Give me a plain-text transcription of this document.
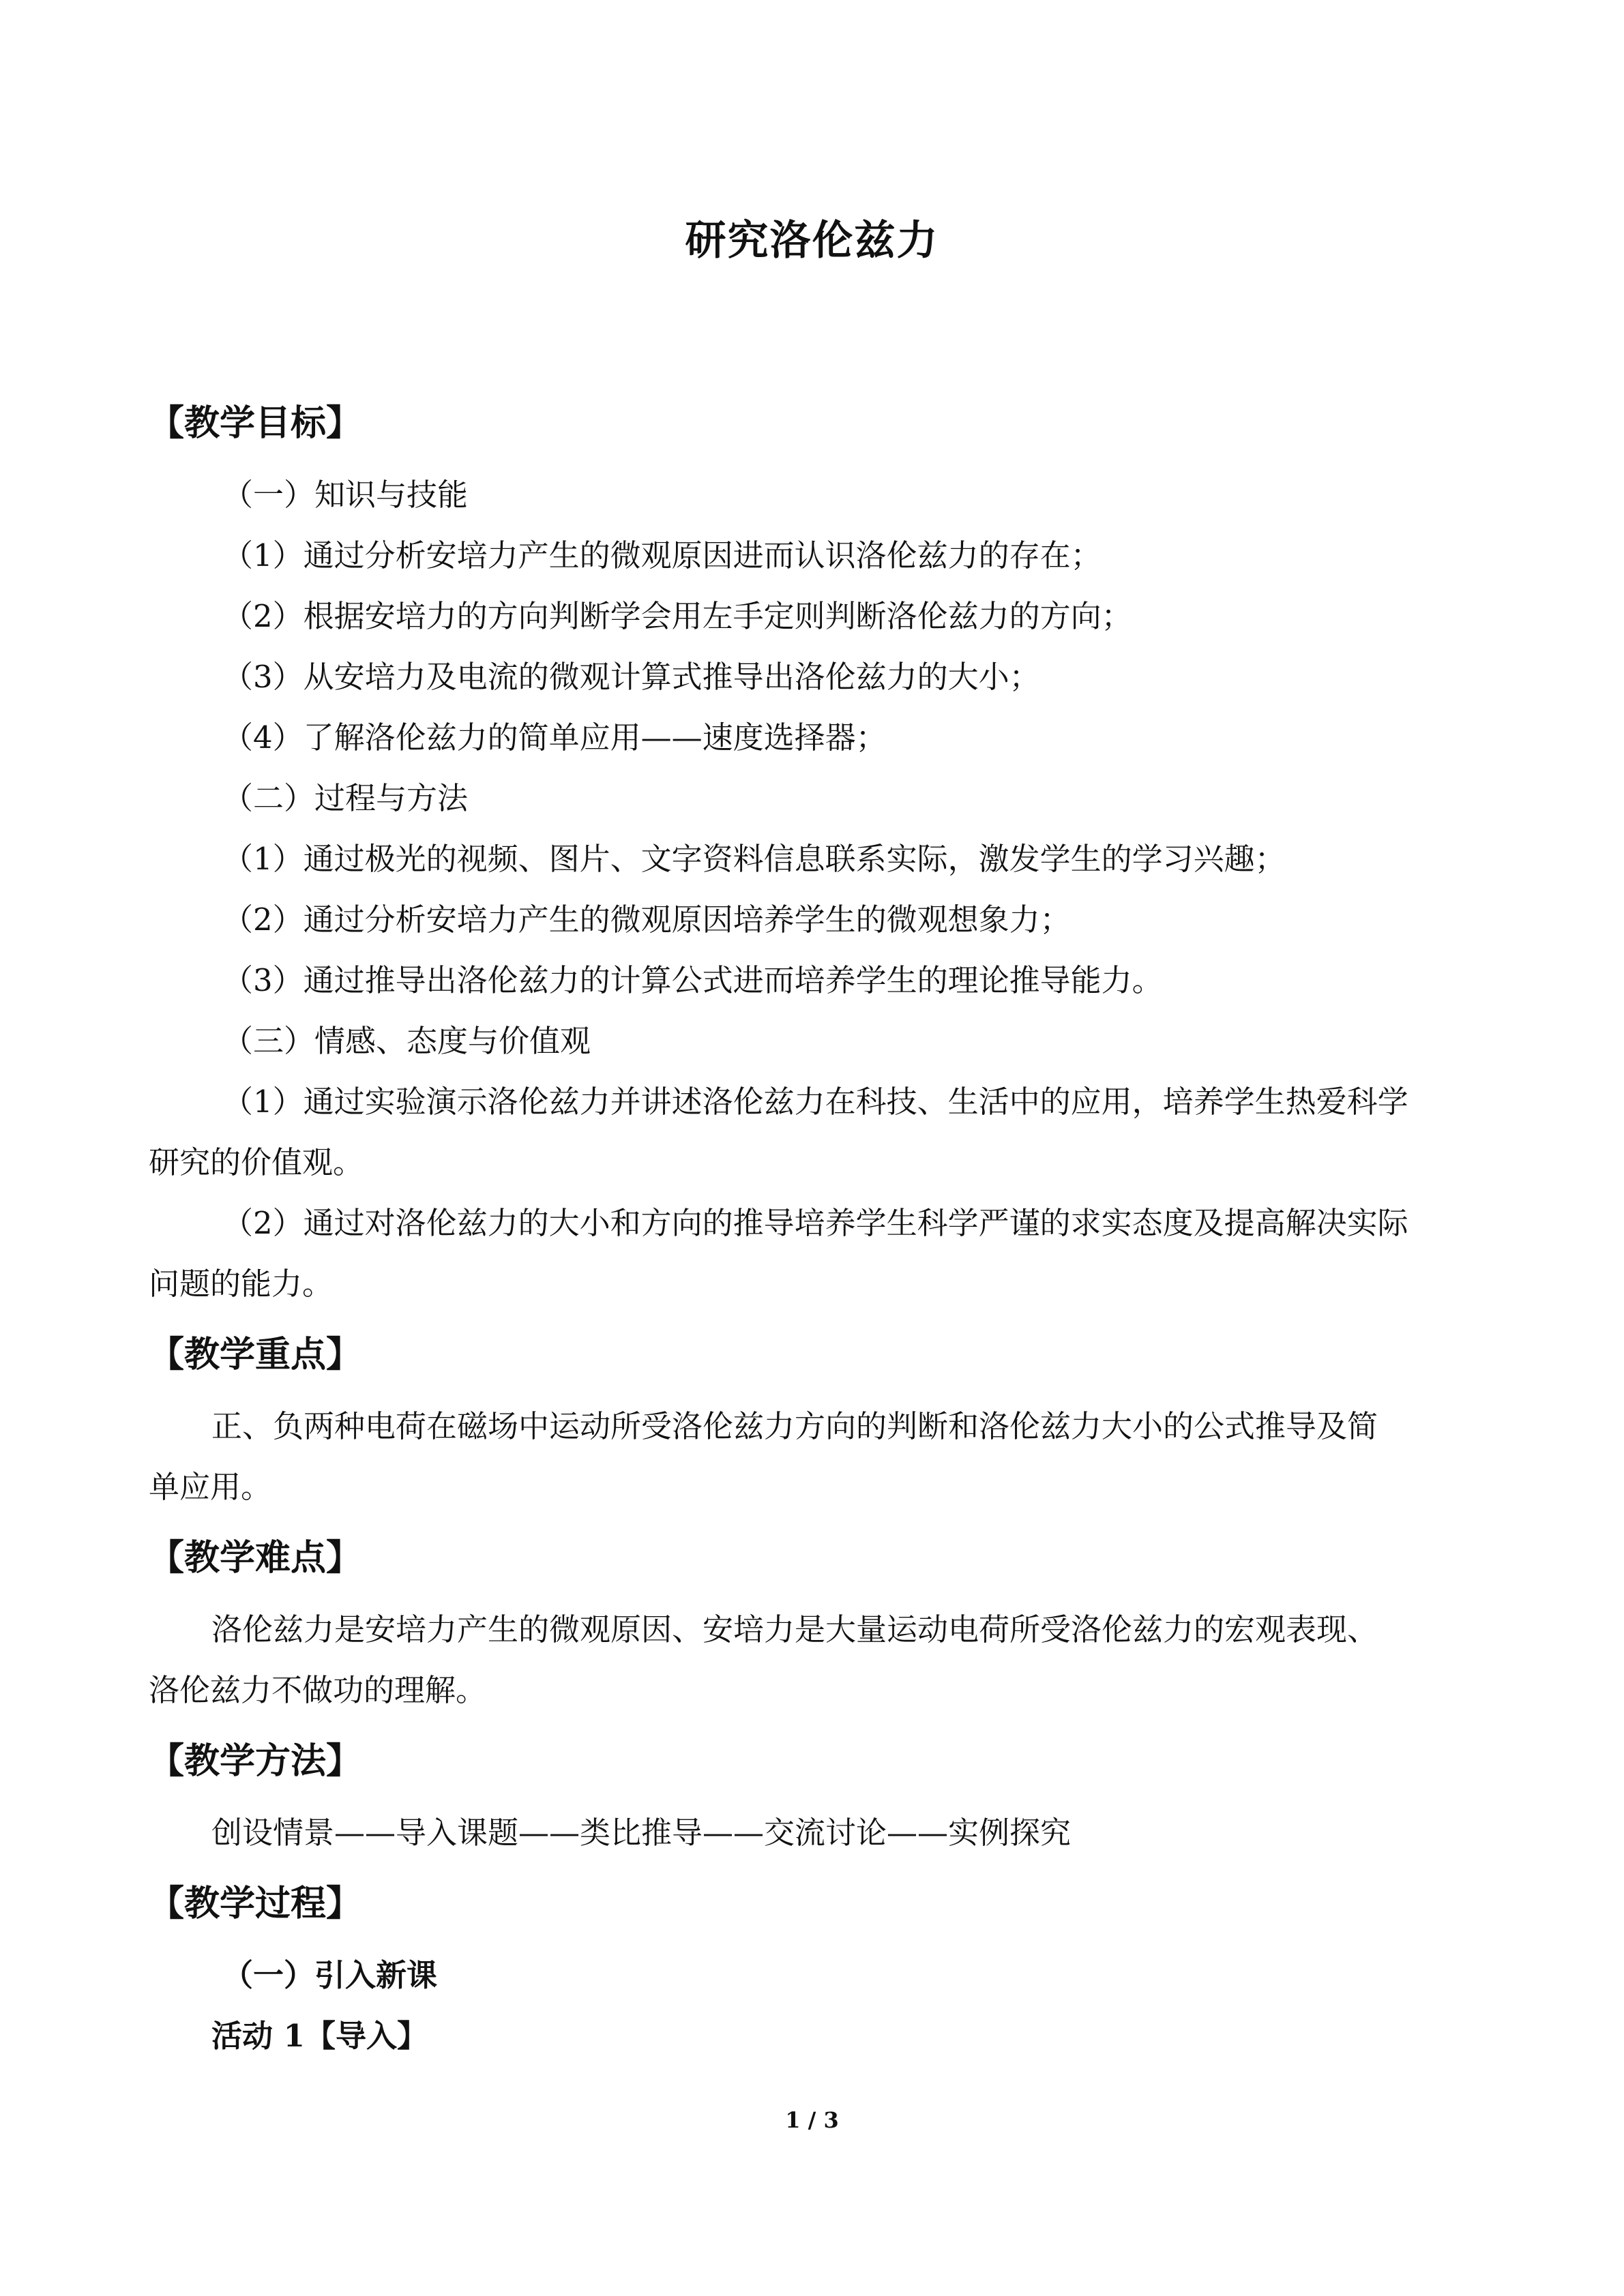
研究洛伦兹力
【教学目标】
（一）知识与技能
（1）通过分析安培力产生的微观原因进而认识洛伦兹力的存在；
（2）根据安培力的方向判断学会用左手定则判断洛伦兹力的方向；
（3）从安培力及电流的微观计算式推导出洛伦兹力的大小；
（4）了解洛伦兹力的简单应用——速度选择器；
（二）过程与方法
（1）通过极光的视频、图片、文字资料信息联系实际，激发学生的学习兴趣；
（2）通过分析安培力产生的微观原因培养学生的微观想象力；
（3）通过推导出洛伦兹力的计算公式进而培养学生的理论推导能力。
（三）情感、态度与价值观
（1）通过实验演示洛伦兹力并讲述洛伦兹力在科技、生活中的应用，培养学生热爱科学
研究的价值观。
（2）通过对洛伦兹力的大小和方向的推导培养学生科学严谨的求实态度及提高解决实际
问题的能力。
【教学重点】
正、负两种电荷在磁场中运动所受洛伦兹力方向的判断和洛伦兹力大小的公式推导及简
单应用。
【教学难点】
洛伦兹力是安培力产生的微观原因、安培力是大量运动电荷所受洛伦兹力的宏观表现、
洛伦兹力不做功的理解。
【教学方法】
创设情景——导入课题——类比推导——交流讨论——实例探究
【教学过程】
（一）引入新课
活动 1【导入】
1 / 3
